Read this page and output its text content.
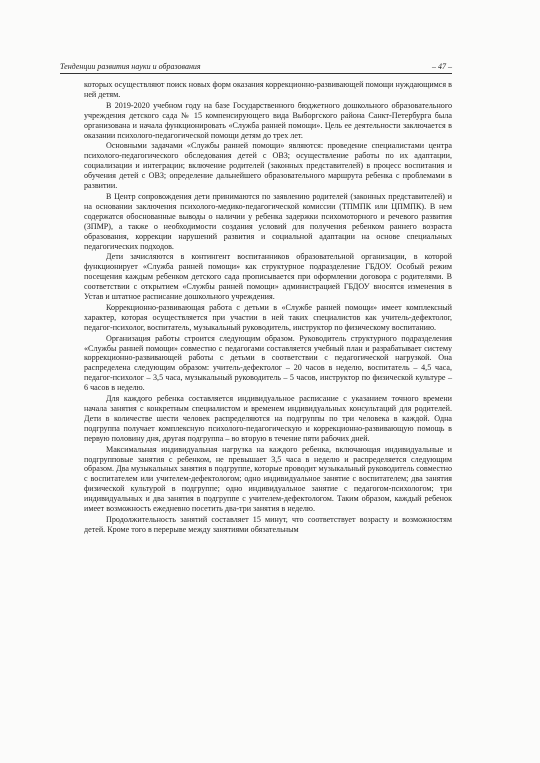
Тенденции развития науки и образования	– 47 –

которых осуществляют поиск новых форм оказания коррекционно-развивающей помощи нуждающимся в ней детям.

В 2019-2020 учебном году на базе Государственного бюджетного дошкольного образовательного учреждения детского сада № 15 компенсирующего вида Выборгского района Санкт-Петербурга была организована и начала функционировать «Служба ранней помощи». Цель ее деятельности заключается в оказании психолого-педагогической помощи детям до трех лет.

Основными задачами «Службы ранней помощи» являются: проведение специалистами центра психолого-педагогического обследования детей с ОВЗ; осуществление работы по их адаптации, социализации и интеграции; включение родителей (законных представителей) в процесс воспитания и обучения детей с ОВЗ; определение дальнейшего образовательного маршрута ребенка с проблемами в развитии.

В Центр сопровождения дети принимаются по заявлению родителей (законных представителей) и на основании заключения психолого-медико-педагогической комиссии (ТПМПК или ЦПМПК). В нем содержатся обоснованные выводы о наличии у ребенка задержки психомоторного и речевого развития (ЗПМР), а также о необходимости создания условий для получения ребенком раннего возраста образования, коррекции нарушений развития и социальной адаптации на основе специальных педагогических подходов.

Дети зачисляются в контингент воспитанников образовательной организации, в которой функционирует «Служба ранней помощи» как структурное подразделение ГБДОУ. Особый режим посещения каждым ребенком детского сада прописывается при оформлении договора с родителями. В соответствии с открытием «Службы ранней помощи» администрацией ГБДОУ вносятся изменения в Устав и штатное расписание дошкольного учреждения.

Коррекционно-развивающая работа с детьми в «Службе ранней помощи» имеет комплексный характер, которая осуществляется при участии в ней таких специалистов как учитель-дефектолог, педагог-психолог, воспитатель, музыкальный руководитель, инструктор по физическому воспитанию.

Организация работы строится следующим образом. Руководитель структурного подразделения «Службы ранней помощи» совместно с педагогами составляется учебный план и разрабатывает систему коррекционно-развивающей работы с детьми в соответствии с педагогической нагрузкой. Она распределена следующим образом: учитель-дефектолог – 20 часов в неделю, воспитатель – 4,5 часа, педагог-психолог – 3,5 часа, музыкальный руководитель – 5 часов, инструктор по физической культуре – 6 часов в неделю.

Для каждого ребенка составляется индивидуальное расписание с указанием точного времени начала занятия с конкретным специалистом и временем индивидуальных консультаций для родителей. Дети в количестве шести человек распределяются на подгруппы по три человека в каждой. Одна подгруппа получает комплексную психолого-педагогическую и коррекционно-развивающую помощь в первую половину дня, другая подгруппа – во вторую в течение пяти рабочих дней.

Максимальная индивидуальная нагрузка на каждого ребенка, включающая индивидуальные и подгрупповые занятия с ребенком, не превышает 3,5 часа в неделю и распределяется следующим образом. Два музыкальных занятия в подгруппе, которые проводит музыкальный руководитель совместно с воспитателем или учителем-дефектологом; одно индивидуальное занятие с воспитателем; два занятия физической культурой в подгруппе; одно индивидуальное занятие с педагогом-психологом; три индивидуальных и два занятия в подгруппе с учителем-дефектологом. Таким образом, каждый ребенок имеет возможность ежедневно посетить два-три занятия в неделю.

Продолжительность занятий составляет 15 минут, что соответствует возрасту и возможностям детей. Кроме того в перерыве между занятиями обязательным
